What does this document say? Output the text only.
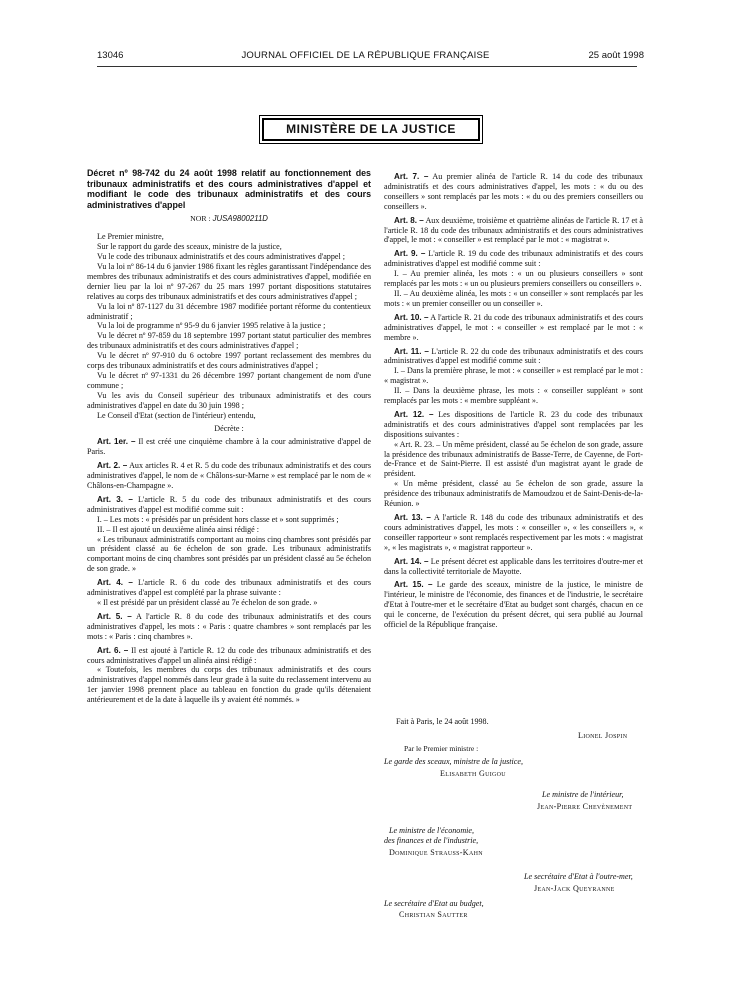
13046	JOURNAL OFFICIEL DE LA RÉPUBLIQUE FRANÇAISE	25 août 1998
MINISTÈRE DE LA JUSTICE

Décret nº 98-742 du 24 août 1998 relatif au fonctionnement des tribunaux administratifs et des cours administratives d'appel et modifiant le code des tribunaux administratifs et des cours administratives d'appel

NOR : JUSA9800211D

Le Premier ministre,

Sur le rapport du garde des sceaux, ministre de la justice,

Vu le code des tribunaux administratifs et des cours administratives d'appel ;

Vu la loi nº 86-14 du 6 janvier 1986 fixant les règles garantissant l'indépendance des membres des tribunaux administratifs et des cours administratives d'appel, modifiée en dernier lieu par la loi nº 97-267 du 25 mars 1997 portant dispositions statutaires relatives au corps des tribunaux administratifs et des cours administratives d'appel ;

Vu la loi nº 87-1127 du 31 décembre 1987 modifiée portant réforme du contentieux administratif ;

Vu la loi de programme nº 95-9 du 6 janvier 1995 relative à la justice ;

Vu le décret nº 97-859 du 18 septembre 1997 portant statut particulier des membres des tribunaux administratifs et des cours administratives d'appel ;

Vu le décret nº 97-910 du 6 octobre 1997 portant reclassement des membres du corps des tribunaux administratifs et des cours administratives d'appel ;

Vu le décret nº 97-1331 du 26 décembre 1997 portant changement de nom d'une commune ;

Vu les avis du Conseil supérieur des tribunaux administratifs et des cours administratives d'appel en date du 30 juin 1998 ;

Le Conseil d'Etat (section de l'intérieur) entendu,

Décrète :

Art. 1er. – Il est créé une cinquième chambre à la cour administrative d'appel de Paris.

Art. 2. – Aux articles R. 4 et R. 5 du code des tribunaux administratifs et des cours administratives d'appel, le nom de « Châlons-sur-Marne » est remplacé par le nom de « Châlons-en-Champagne ».

Art. 3. – L'article R. 5 du code des tribunaux administratifs et des cours administratives d'appel est modifié comme suit :

I. – Les mots : « présidés par un président hors classe et » sont supprimés ;

II. – Il est ajouté un deuxième alinéa ainsi rédigé :

« Les tribunaux administratifs comportant au moins cinq chambres sont présidés par un président classé au 6e échelon de son grade. Les tribunaux administratifs comportant moins de cinq chambres sont présidés par un président classé au 5e échelon de son grade. »

Art. 4. – L'article R. 6 du code des tribunaux administratifs et des cours administratives d'appel est complété par la phrase suivante :

« Il est présidé par un président classé au 7e échelon de son grade. »

Art. 5. – A l'article R. 8 du code des tribunaux administratifs et des cours administratives d'appel, les mots : « Paris : quatre chambres » sont remplacés par les mots : « Paris : cinq chambres ».

Art. 6. – Il est ajouté à l'article R. 12 du code des tribunaux administratifs et des cours administratives d'appel un alinéa ainsi rédigé :

« Toutefois, les membres du corps des tribunaux administratifs et des cours administratives d'appel nommés dans leur grade à la suite du reclassement intervenu au 1er janvier 1998 prennent place au tableau en fonction du grade qu'ils détenaient antérieurement et de la date à laquelle ils y avaient été nommés. »

Art. 7. – Au premier alinéa de l'article R. 14 du code des tribunaux administratifs et des cours administratives d'appel, les mots : « du ou des conseillers » sont remplacés par les mots : « du ou des premiers conseillers ou conseillers ».

Art. 8. – Aux deuxième, troisième et quatrième alinéas de l'article R. 17 et à l'article R. 18 du code des tribunaux administratifs et des cours administratives d'appel, le mot : « conseiller » est remplacé par le mot : « magistrat ».

Art. 9. – L'article R. 19 du code des tribunaux administratifs et des cours administratives d'appel est modifié comme suit :

I. – Au premier alinéa, les mots : « un ou plusieurs conseillers » sont remplacés par les mots : « un ou plusieurs premiers conseillers ou conseillers ».

II. – Au deuxième alinéa, les mots : « un conseiller » sont remplacés par les mots : « un premier conseiller ou un conseiller ».

Art. 10. – A l'article R. 21 du code des tribunaux administratifs et des cours administratives d'appel, le mot : « conseiller » est remplacé par le mot : « membre ».

Art. 11. – L'article R. 22 du code des tribunaux administratifs et des cours administratives d'appel est modifié comme suit :

I. – Dans la première phrase, le mot : « conseiller » est remplacé par le mot : « magistrat ».

II. – Dans la deuxième phrase, les mots : « conseiller suppléant » sont remplacés par les mots : « membre suppléant ».

Art. 12. – Les dispositions de l'article R. 23 du code des tribunaux administratifs et des cours administratives d'appel sont remplacées par les dispositions suivantes :

« Art. R. 23. – Un même président, classé au 5e échelon de son grade, assure la présidence des tribunaux administratifs de Basse-Terre, de Cayenne, de Fort-de-France et de Saint-Pierre. Il est assisté d'un magistrat ayant le grade de président.

« Un même président, classé au 5e échelon de son grade, assure la présidence des tribunaux administratifs de Mamoudzou et de Saint-Denis-de-la-Réunion. »

Art. 13. – A l'article R. 148 du code des tribunaux administratifs et des cours administratives d'appel, les mots : « conseiller », « les conseillers », « conseiller rapporteur » sont remplacés respectivement par les mots : « magistrat », « les magistrats », « magistrat rapporteur ».

Art. 14. – Le présent décret est applicable dans les territoires d'outre-mer et dans la collectivité territoriale de Mayotte.

Art. 15. – Le garde des sceaux, ministre de la justice, le ministre de l'intérieur, le ministre de l'économie, des finances et de l'industrie, le secrétaire d'Etat à l'outre-mer et le secrétaire d'Etat au budget sont chargés, chacun en ce qui le concerne, de l'exécution du présent décret, qui sera publié au Journal officiel de la République française.

Fait à Paris, le 24 août 1998.
Lionel Jospin
Par le Premier ministre :
Le garde des sceaux, ministre de la justice,
Elisabeth Guigou
Le ministre de l'intérieur,
Jean-Pierre Chevènement
Le ministre de l'économie,
des finances et de l'industrie,
Dominique Strauss-Kahn
Le secrétaire d'Etat à l'outre-mer,
Jean-Jack Queyranne
Le secrétaire d'Etat au budget,
Christian Sautter
